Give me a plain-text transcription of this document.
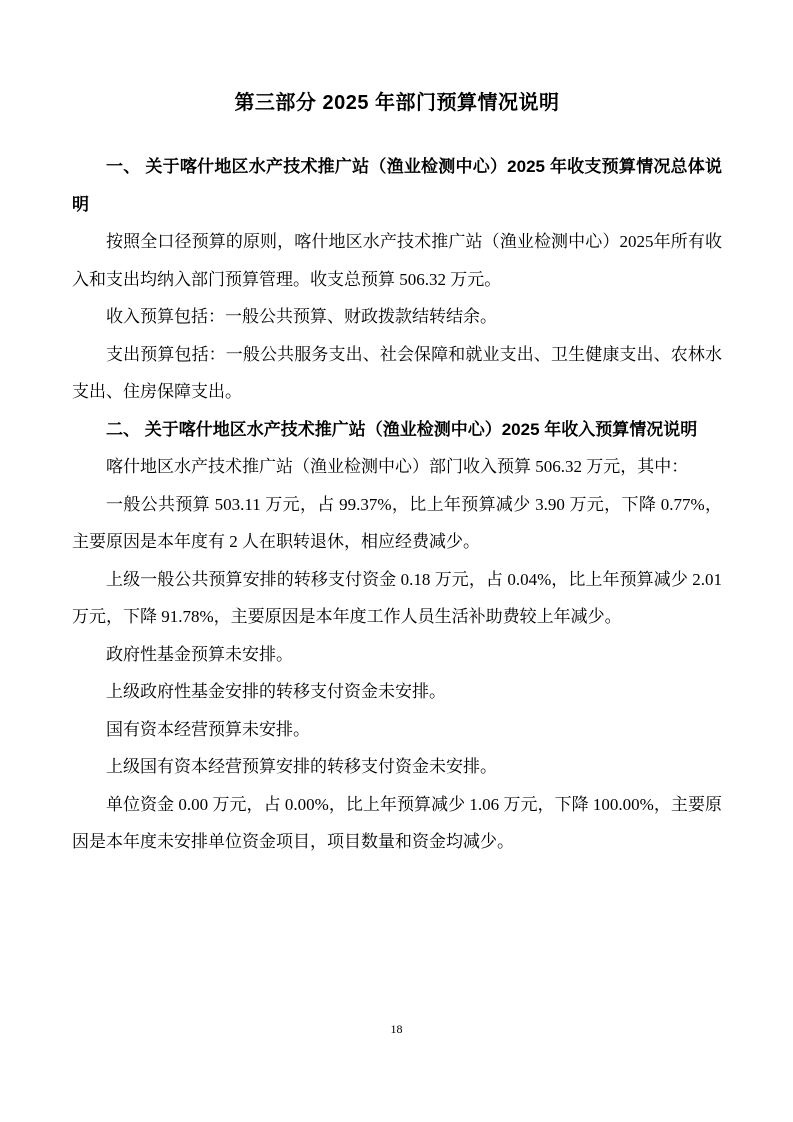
第三部分 2025 年部门预算情况说明

一、 关于喀什地区水产技术推广站（渔业检测中心）2025 年收支预算情况总体说明

按照全口径预算的原则，喀什地区水产技术推广站（渔业检测中心）2025年所有收入和支出均纳入部门预算管理。收支总预算 506.32 万元。

收入预算包括：一般公共预算、财政拨款结转结余。

支出预算包括：一般公共服务支出、社会保障和就业支出、卫生健康支出、农林水支出、住房保障支出。

二、 关于喀什地区水产技术推广站（渔业检测中心）2025 年收入预算情况说明

喀什地区水产技术推广站（渔业检测中心）部门收入预算 506.32 万元，其中：

一般公共预算 503.11 万元，占 99.37%，比上年预算减少 3.90 万元，下降 0.77%，主要原因是本年度有 2 人在职转退休，相应经费减少。

上级一般公共预算安排的转移支付资金 0.18 万元，占 0.04%，比上年预算减少 2.01 万元，下降 91.78%，主要原因是本年度工作人员生活补助费较上年减少。

政府性基金预算未安排。

上级政府性基金安排的转移支付资金未安排。

国有资本经营预算未安排。

上级国有资本经营预算安排的转移支付资金未安排。

单位资金 0.00 万元，占 0.00%，比上年预算减少 1.06 万元，下降 100.00%，主要原因是本年度未安排单位资金项目，项目数量和资金均减少。

18
